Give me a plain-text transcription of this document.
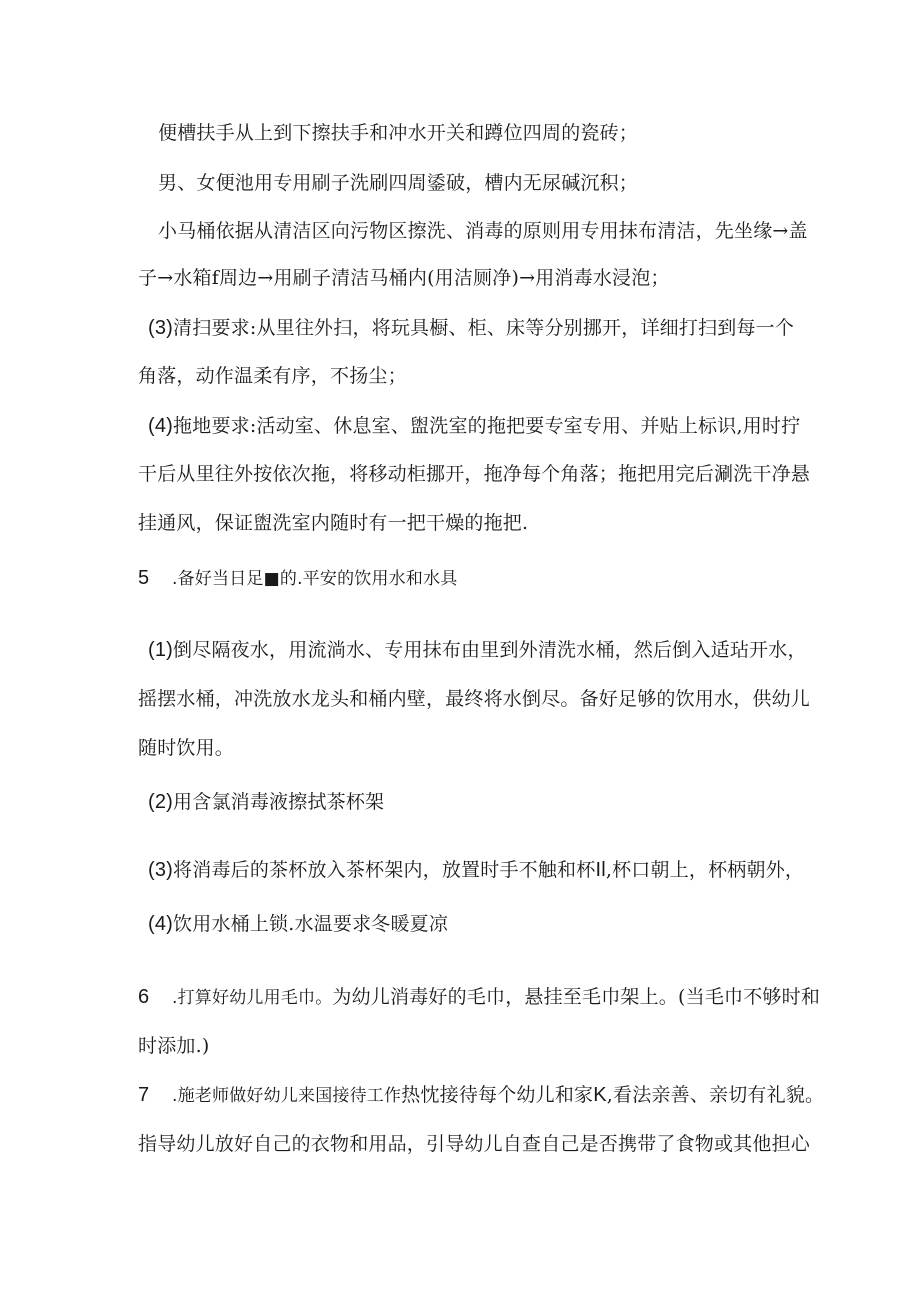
便槽扶手从上到下擦扶手和冲水开关和蹲位四周的瓷砖；
男、女便池用专用刷子洗刷四周鋈破，槽内无尿碱沉积；
小马桶依据从清洁区向污物区擦洗、消毒的原则用专用抹布清洁，先坐缘→盖
子→水箱f周边→用刷子清洁马桶内(用洁厕净)→用消毒水浸泡；
(3)清扫要求:从里往外扫，将玩具橱、柜、床等分别挪开，详细打扫到每一个
角落，动作温柔有序，不扬尘；
(4)拖地要求:活动室、休息室、盥洗室的拖把要专室专用、并贴上标识,用时拧
干后从里往外按依次拖，将移动柜挪开，拖净每个角落；拖把用完后涮洗干净悬
挂通风，保证盥洗室内随时有一把干燥的拖把.
5 .备好当日足■的.平安的饮用水和水具
(1)倒尽隔夜水，用流淌水、专用抹布由里到外清洗水桶，然后倒入适玷开水，
摇摆水桶，冲洗放水龙头和桶内壁，最终将水倒尽。备好足够的饮用水，供幼儿
随时饮用。
(2)用含氯消毒液擦拭茶杯架
(3)将消毒后的茶杯放入茶杯架内，放置时手不触和杯Il,杯口朝上，杯柄朝外，
(4)饮用水桶上锁.水温要求冬暖夏凉
6 .打算好幼儿用毛巾。为幼儿消毒好的毛巾，悬挂至毛巾架上。(当毛巾不够时和
时添加.)
7 .施老师做好幼儿来国接待工作热忱接待每个幼儿和家K,看法亲善、亲切有礼貌。
指导幼儿放好自己的衣物和用品，引导幼儿自查自己是否携带了食物或其他担心
